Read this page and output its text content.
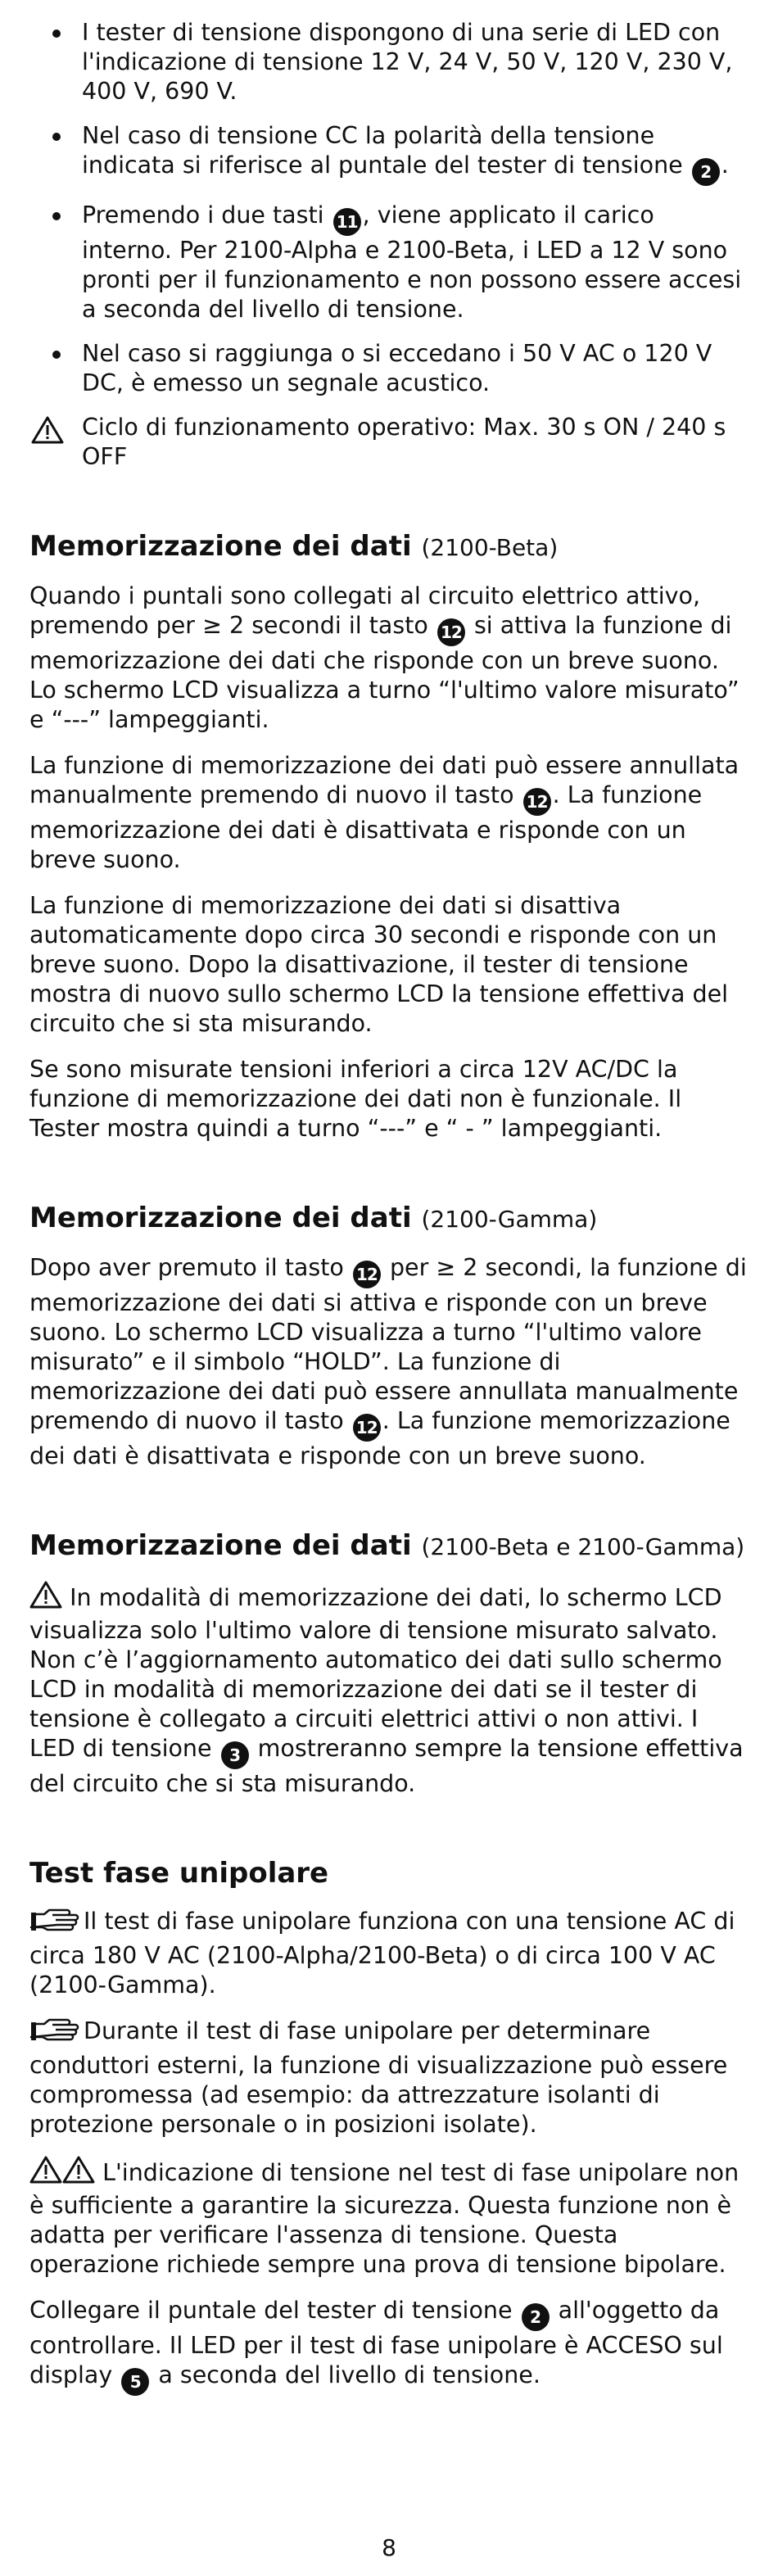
I tester di tensione dispongono di una serie di LED con l'indicazione di tensione 12 V, 24 V, 50 V, 120 V, 230 V, 400 V, 690 V.
Nel caso di tensione CC la polarità della tensione indicata si riferisce al puntale del tester di tensione 2 .
Premendo i due tasti 11 , viene applicato il carico interno. Per 2100-Alpha e 2100-Beta, i LED a 12 V sono pronti per il funzionamento e non possono essere accesi a seconda del livello di tensione.
Nel caso si raggiunga o si eccedano i 50 V AC o 120 V DC, è emesso un segnale acustico.

Ciclo di funzionamento operativo: Max. 30 s ON / 240 s OFF

Memorizzazione dei dati (2100-Beta)

Quando i puntali sono collegati al circuito elettrico attivo, premendo per ≥ 2 secondi il tasto 12 si attiva la funzione di memorizzazione dei dati che risponde con un breve suono. Lo schermo LCD visualizza a turno “l'ultimo valore misurato” e “---” lampeggianti.

La funzione di memorizzazione dei dati può essere annullata manualmente premendo di nuovo il tasto 12 . La funzione memorizzazione dei dati è disattivata e risponde con un breve suono.

La funzione di memorizzazione dei dati si disattiva automaticamente dopo circa 30 secondi e risponde con un breve suono. Dopo la disattivazione, il tester di tensione mostra di nuovo sullo schermo LCD la tensione effettiva del circuito che si sta misurando.

Se sono misurate tensioni inferiori a circa 12V AC/DC la funzione di memorizzazione dei dati non è funzionale. Il Tester mostra quindi a turno “---” e “ - ” lampeggianti.

Memorizzazione dei dati (2100-Gamma)

Dopo aver premuto il tasto 12 per ≥ 2 secondi, la funzione di memorizzazione dei dati si attiva e risponde con un breve suono. Lo schermo LCD visualizza a turno “l'ultimo valore misurato” e il simbolo “HOLD”. La funzione di memorizzazione dei dati può essere annullata manualmente premendo di nuovo il tasto 12 . La funzione memorizzazione dei dati è disattivata e risponde con un breve suono.

Memorizzazione dei dati (2100-Beta e 2100-Gamma)

In modalità di memorizzazione dei dati, lo schermo LCD visualizza solo l'ultimo valore di tensione misurato salvato. Non c’è l’aggiornamento automatico dei dati sullo schermo LCD in modalità di memorizzazione dei dati se il tester di tensione è collegato a circuiti elettrici attivi o non attivi. I LED di tensione 3 mostreranno sempre la tensione effettiva del circuito che si sta misurando.

Test fase unipolare

Il test di fase unipolare funziona con una tensione AC di circa 180 V AC (2100-Alpha/2100-Beta) o di circa 100 V AC (2100-Gamma).

Durante il test di fase unipolare per determinare conduttori esterni, la funzione di visualizzazione può essere compromessa (ad esempio: da attrezzature isolanti di protezione personale o in posizioni isolate).

L'indicazione di tensione nel test di fase unipolare non è sufficiente a garantire la sicurezza. Questa funzione non è adatta per verificare l'assenza di tensione. Questa operazione richiede sempre una prova di tensione bipolare.

Collegare il puntale del tester di tensione 2 all'oggetto da controllare. Il LED per il test di fase unipolare è ACCESO sul display 5 a seconda del livello di tensione.

8
